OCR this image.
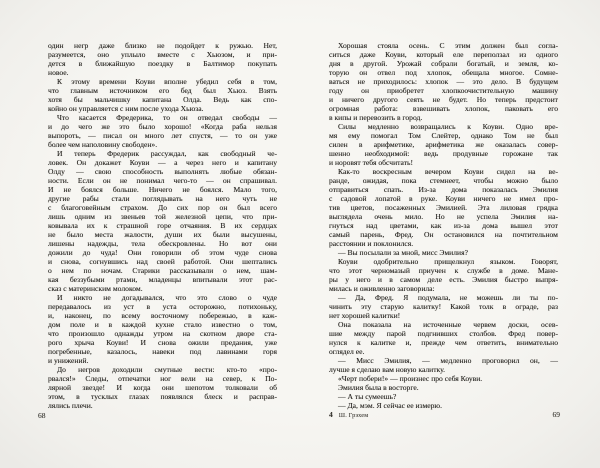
один негр даже близко не подойдет к ружью. Нет,
разумеется, оно уплыло вместе с Хьюзом, и при-
дется в ближайшую поездку в Балтимор покупать
новое.
К этому времени Коуви вполне убедил себя в том,
что главным источником его бед был Хьюз. Взять
хотя бы мальчишку капитана Олда. Ведь как спо-
койно он управляется с ним после ухода Хьюза.
Что касается Фредерика, то он отведал свободы —
и до чего же это было хорошо! «Когда раба нельзя
выпороть, — писал он много лет спустя, — то он уже
более чем наполовину свободен».
И теперь Фредерик рассуждал, как свободный че-
ловек. Он докажет Коуви — а через него и капитану
Олду — свою способность выполнять любые обязан-
ности. Если он не понимал чего-то — он спрашивал.
И не боялся больше. Ничего не боялся. Мало того,
другие рабы стали поглядывать на него чуть не
с благоговейным страхом. До сих пор он был всего
лишь одним из звеньев той железной цепи, что при-
ковывала их к страшной горе отчаяния. В их сердцах
не было места жалости, души их были высушены,
лишены надежды, тела обескровлены. Но вот они
дожили до чуда! Они говорили об этом чуде снова
и снова, согнувшись над своей работой. Они шептались
о нем по ночам. Старики рассказывали о нем, шам-
кая беззубыми ртами, младенцы впитывали этот рас-
сказ с материнским молоком.
И никто не догадывался, что это слово о чуде
передавалось из уст в уста осторожно, потихоньку,
и, наконец, по всему восточному побережью, в каж-
дом поле и в каждой кухне стало известно о том,
что произошло однажды утром на скотном дворе ста-
рого хрыча Коуви! И снова ожили предания, уже
погребенные, казалось, навеки под лавинами горя
и унижений.
До негров доходили смутные вести: кто-то «про-
рвался!» Следы, отпечатки ног вели на север, к По-
лярной звезде! И когда они шепотом толковали об
этом, в тусклых глазах появлялся блеск и расправ-
лялись плечи.
68
Хорошая стояла осень. С этим должен был согла-
ситься даже Коуви, который еле переползал из одного
дня в другой. Урожай собрали богатый, и земля, ко-
торую он отвел под хлопок, обещала многое. Сомне-
ваться не приходилось: хлопок — это дело. В будущем
году он приобретет хлопкоочистительную машину
и ничего другого сеять не будет. Но теперь предстоит
огромная работа: взвешивать хлопок, паковать его
в кипы и перевозить в город.
Силы медленно возвращались к Коуви. Одно вре-
мя ему помогал Том Слейтер, однако Том не был
силен в арифметике, арифметика же оказалась совер-
шенно необходимой: ведь продувные горожане так
и норовят тебя обсчитать!
Как-то воскресным вечером Коуви сидел на ве-
ранде, ожидая, пока стемнеет, чтобы можно было
отправиться спать. Из-за дома показалась Эмилия
с садовой лопатой в руке. Коуви ничего не имел про-
тив цветов, посаженных Эмилией. Эта лиловая грядка
выглядела очень мило. Но не успела Эмилия на-
гнуться над цветами, как из-за дома вышел этот
самый парень, Фред. Он остановился на почтительном
расстоянии и поклонился.
— Вы посылали за мной, мисс Эмилия?
Коуви одобрительно прищелкнул языком. Говорят,
что этот черномазый приучен к службе в доме. Мане-
ры у него и в самом деле есть. Эмилия быстро выпря-
милась и оживленно заговорила:
— Да, Фред. Я подумала, не можешь ли ты по-
чинить эту старую калитку! Какой толк в ограде, раз
нет хорошей калитки!
Она показала на источенные червем доски, осев-
шие между парой подгнивших столбов. Фред повер-
нулся к калитке и, прежде чем ответить, внимательно
оглядел ее.
— Мисс Эмилия, — медленно проговорил он, —
лучше я сделаю вам новую калитку.
«Черт побери!» — произнес про себя Коуви.
Эмилия была в восторге.
— А ты сумеешь?
— Да, мэм. Я сейчас ее измерю.
4 Ш. Грэхем	69
